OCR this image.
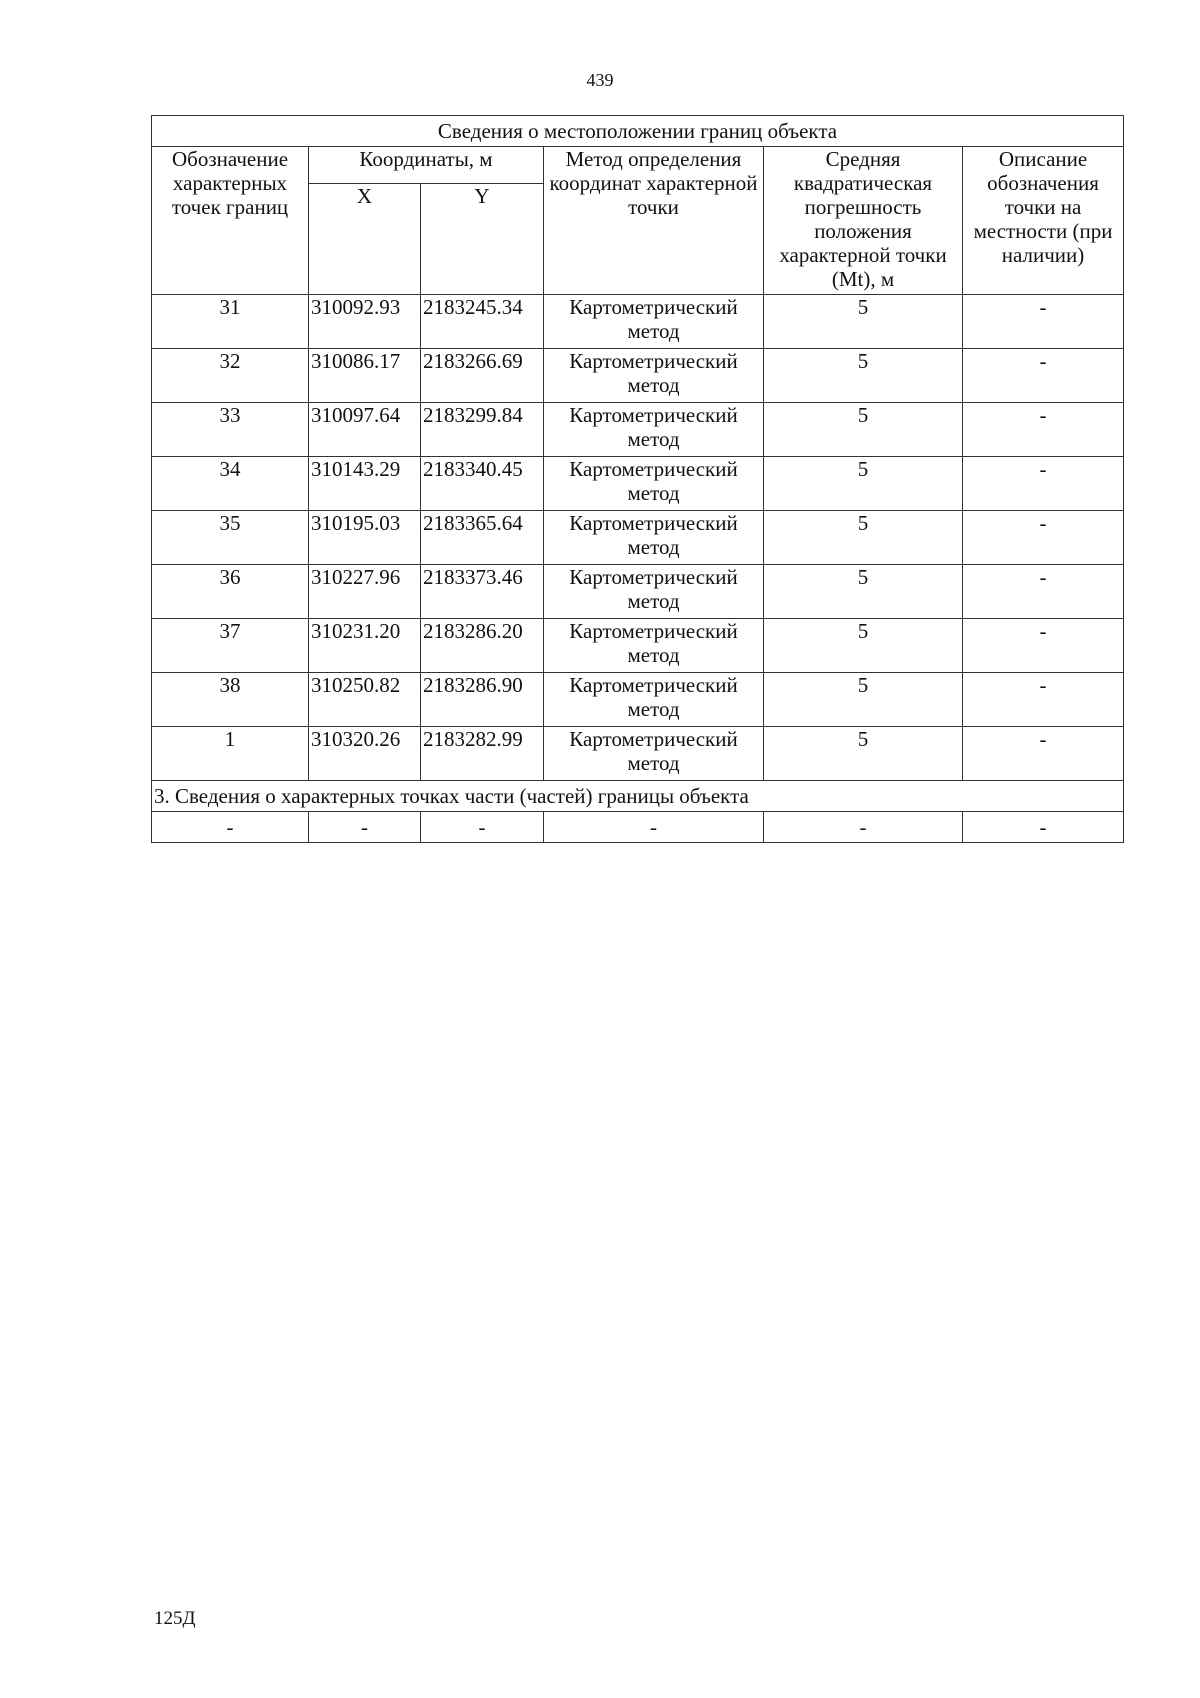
439
Сведения о местоположении границ объекта					
Обозначение характерных точек границ	Координаты, м		Метод определения координат характерной точки	Средняя квадратическая погрешность положения характерной точки (Mt), м	Описание обозначения точки на местности (при наличии)
	X	Y			
31	310092.93	2183245.34	Картометрический метод	5	-
32	310086.17	2183266.69	Картометрический метод	5	-
33	310097.64	2183299.84	Картометрический метод	5	-
34	310143.29	2183340.45	Картометрический метод	5	-
35	310195.03	2183365.64	Картометрический метод	5	-
36	310227.96	2183373.46	Картометрический метод	5	-
37	310231.20	2183286.20	Картометрический метод	5	-
38	310250.82	2183286.90	Картометрический метод	5	-
1	310320.26	2183282.99	Картометрический метод	5	-
3. Сведения о характерных точках части (частей) границы объекта					
-	-	-	-	-	-
125Д
